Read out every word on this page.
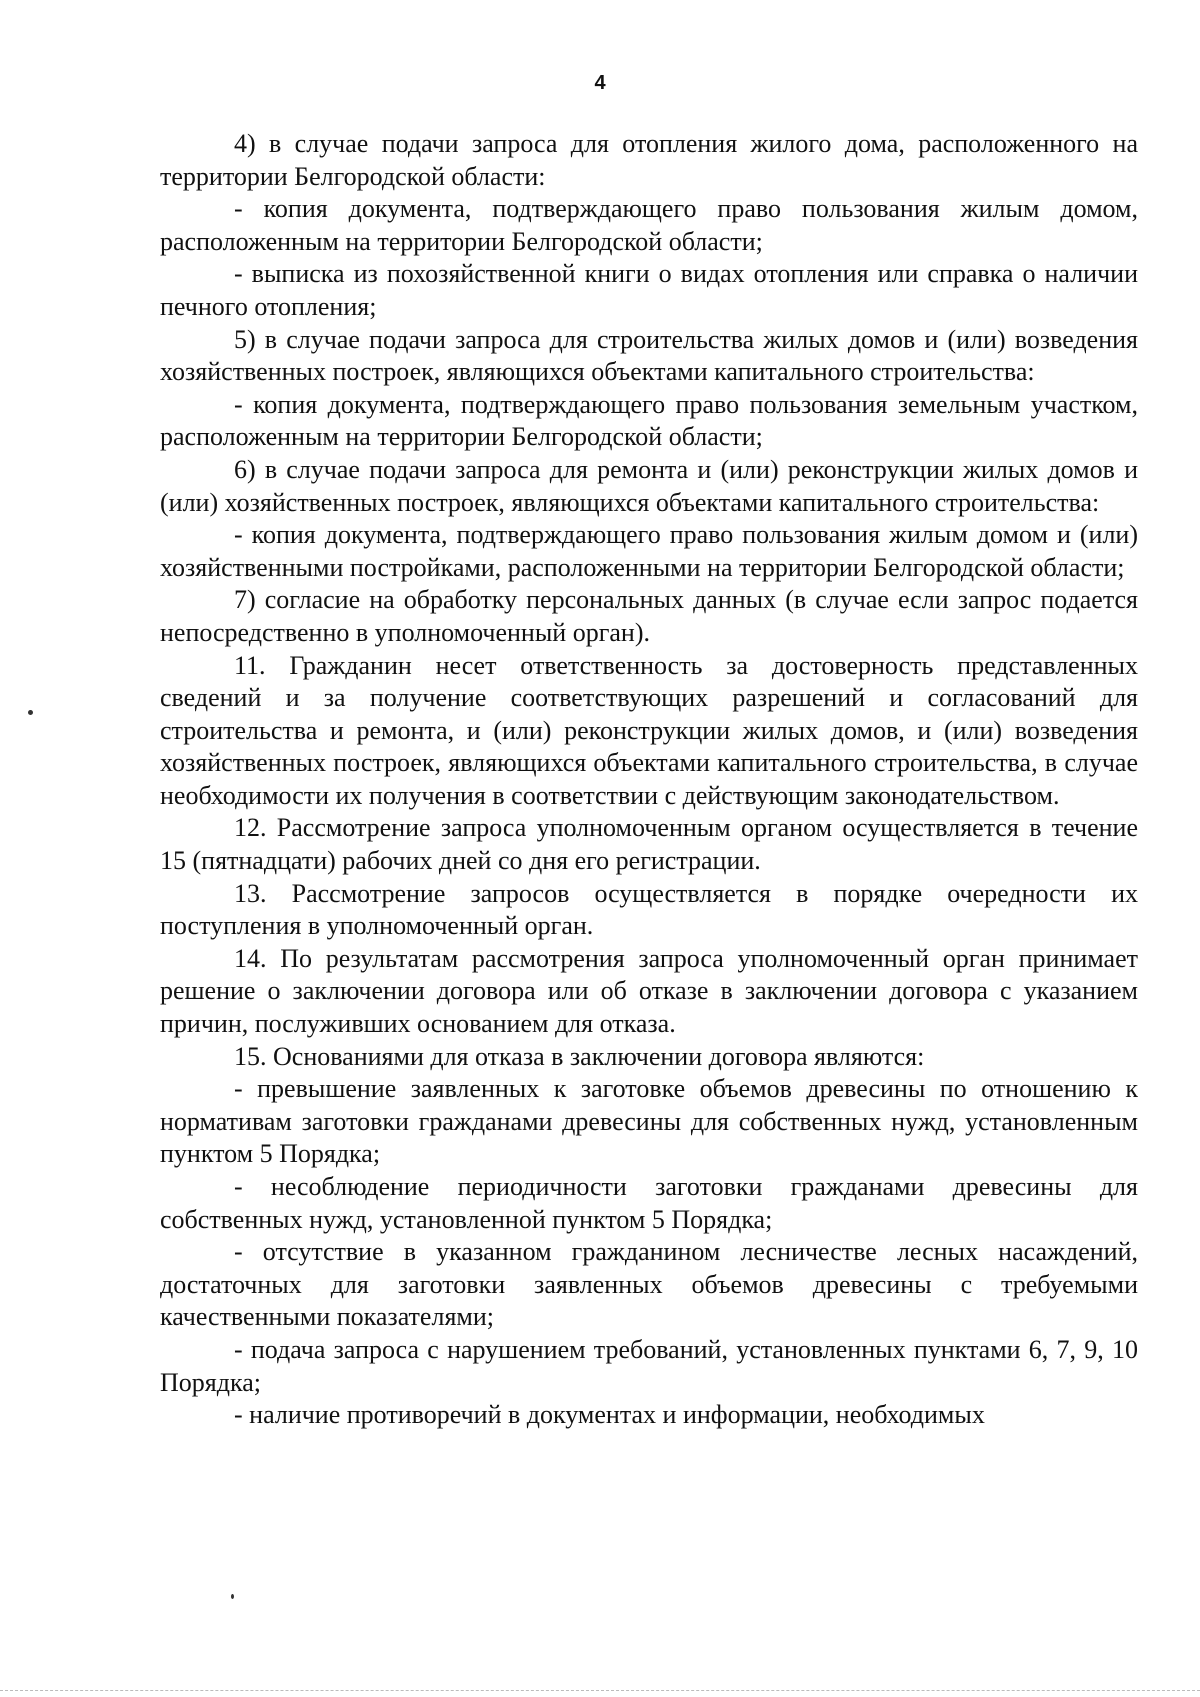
4

4) в случае подачи запроса для отопления жилого дома, расположенного на территории Белгородской области:

- копия документа, подтверждающего право пользования жилым домом, расположенным на территории Белгородской области;

- выписка из похозяйственной книги о видах отопления или справка о наличии печного отопления;

5) в случае подачи запроса для строительства жилых домов и (или) возведения хозяйственных построек, являющихся объектами капитального строительства:

- копия документа, подтверждающего право пользования земельным участком, расположенным на территории Белгородской области;

6) в случае подачи запроса для ремонта и (или) реконструкции жилых домов и (или) хозяйственных построек, являющихся объектами капитального строительства:

- копия документа, подтверждающего право пользования жилым домом и (или) хозяйственными постройками, расположенными на территории Белгородской области;

7) согласие на обработку персональных данных (в случае если запрос подается непосредственно в уполномоченный орган).

11. Гражданин несет ответственность за достоверность представленных сведений и за получение соответствующих разрешений и согласований для строительства и ремонта, и (или) реконструкции жилых домов, и (или) возведения хозяйственных построек, являющихся объектами капитального строительства, в случае необходимости их получения в соответствии с действующим законодательством.

12. Рассмотрение запроса уполномоченным органом осуществляется в течение 15 (пятнадцати) рабочих дней со дня его регистрации.

13. Рассмотрение запросов осуществляется в порядке очередности их поступления в уполномоченный орган.

14. По результатам рассмотрения запроса уполномоченный орган принимает решение о заключении договора или об отказе в заключении договора с указанием причин, послуживших основанием для отказа.

15. Основаниями для отказа в заключении договора являются:

- превышение заявленных к заготовке объемов древесины по отношению к нормативам заготовки гражданами древесины для собственных нужд, установленным пунктом 5 Порядка;

- несоблюдение периодичности заготовки гражданами древесины для собственных нужд, установленной пунктом 5 Порядка;

- отсутствие в указанном гражданином лесничестве лесных насаждений, достаточных для заготовки заявленных объемов древесины с требуемыми качественными показателями;

- подача запроса с нарушением требований, установленных пунктами 6, 7, 9, 10 Порядка;

- наличие противоречий в документах и информации, необходимых
